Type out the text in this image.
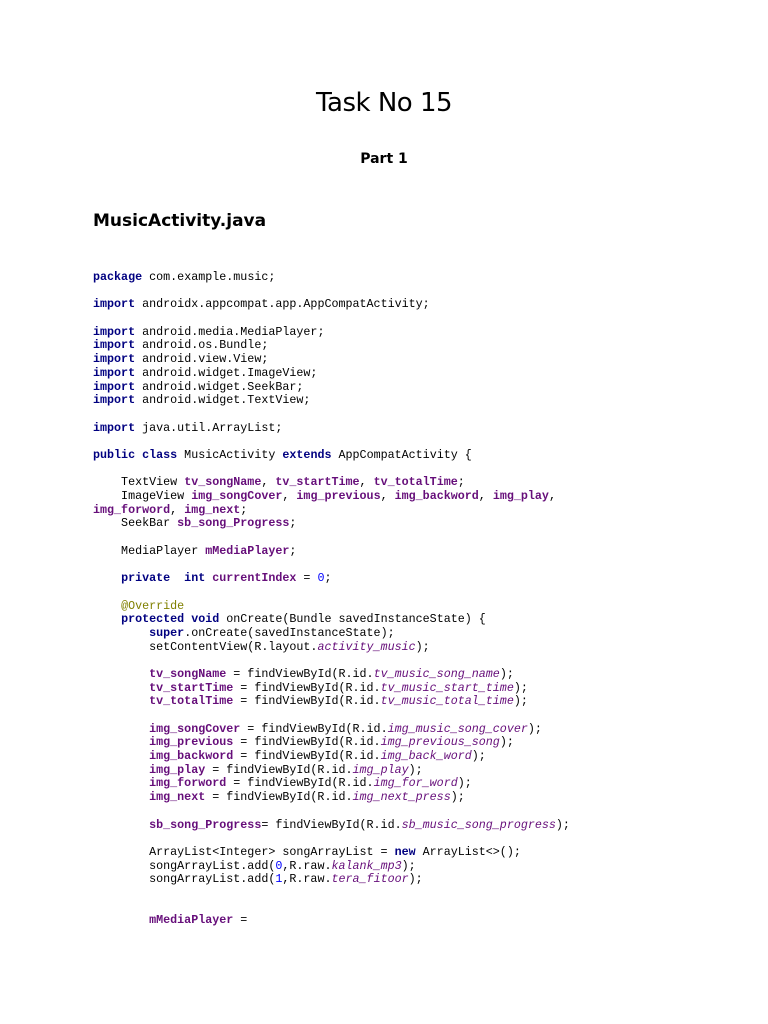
Task No 15
Part 1
MusicActivity.java
package com.example.music;
import androidx.appcompat.app.AppCompatActivity;
import android.media.MediaPlayer;
import android.os.Bundle;
import android.view.View;
import android.widget.ImageView;
import android.widget.SeekBar;
import android.widget.TextView;
import java.util.ArrayList;
public class MusicActivity extends AppCompatActivity {
TextView tv_songName, tv_startTime, tv_totalTime;
ImageView img_songCover, img_previous, img_backword, img_play,
img_forword, img_next;
SeekBar sb_song_Progress;
MediaPlayer mMediaPlayer;
private  int currentIndex = 0;
@Override
protected void onCreate(Bundle savedInstanceState) {
super.onCreate(savedInstanceState);
setContentView(R.layout.activity_music);
tv_songName = findViewById(R.id.tv_music_song_name);
tv_startTime = findViewById(R.id.tv_music_start_time);
tv_totalTime = findViewById(R.id.tv_music_total_time);
img_songCover = findViewById(R.id.img_music_song_cover);
img_previous = findViewById(R.id.img_previous_song);
img_backword = findViewById(R.id.img_back_word);
img_play = findViewById(R.id.img_play);
img_forword = findViewById(R.id.img_for_word);
img_next = findViewById(R.id.img_next_press);
sb_song_Progress= findViewById(R.id.sb_music_song_progress);
ArrayList<Integer> songArrayList = new ArrayList<>();
songArrayList.add(0,R.raw.kalank_mp3);
songArrayList.add(1,R.raw.tera_fitoor);
mMediaPlayer =
